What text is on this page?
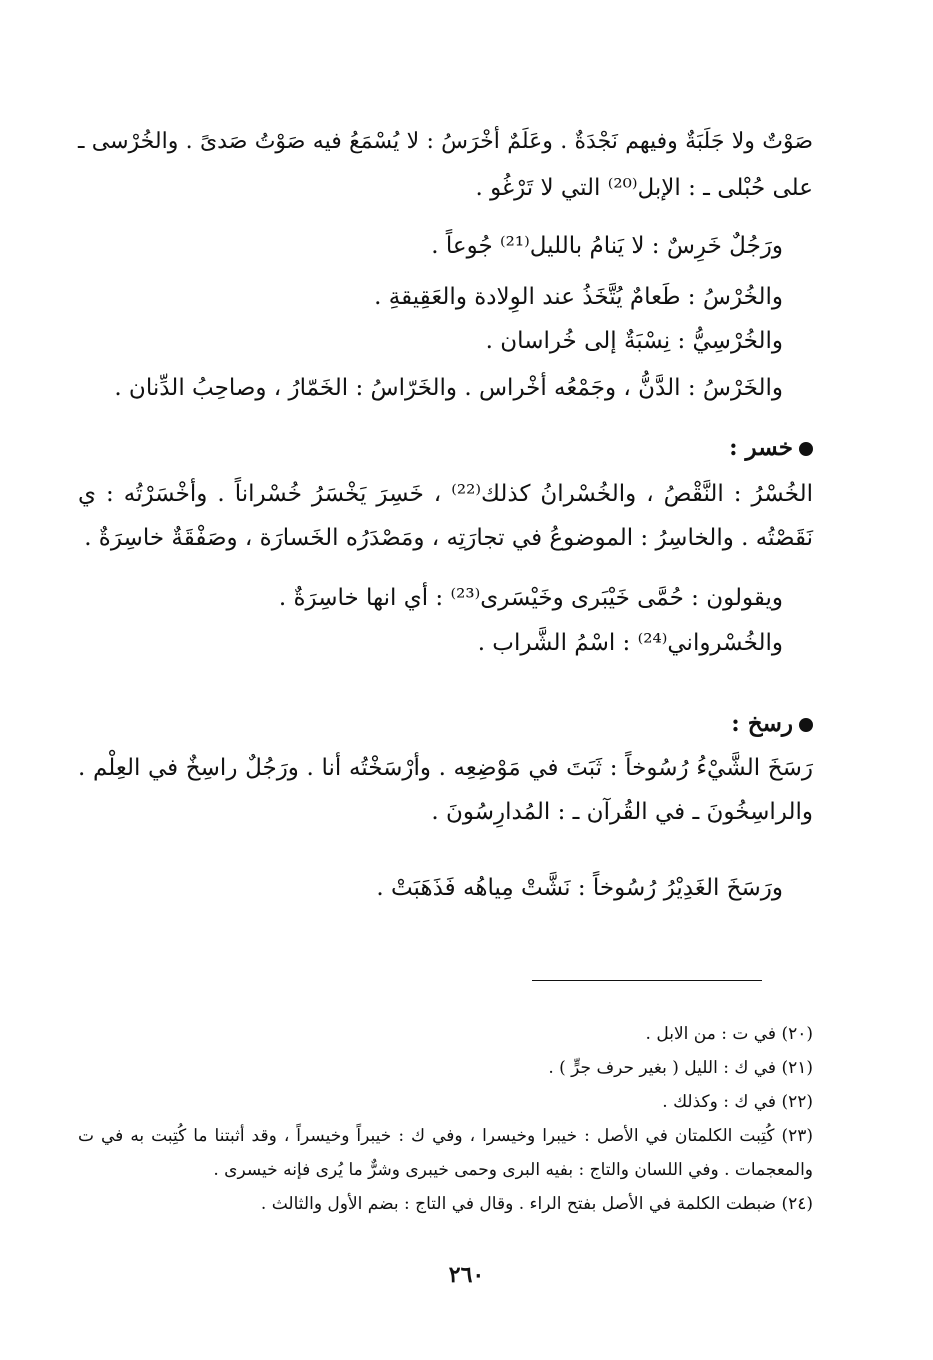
صَوْتٌ ولا جَلَبَةٌ وفيهم نَجْدَةٌ . وعَلَمٌ أخْرَسُ : لا يُسْمَعُ فيه صَوْتُ صَدىً . والخُرْسى ـ
على حُبْلى ـ : الإبل⁽²⁰⁾ التي لا تَرْغُو .
ورَجُلٌ خَرِسٌ : لا يَنامُ بالليل⁽²¹⁾ جُوعاً .
والخُرْسُ : طَعامٌ يُتَّخَذُ عند الوِلادة والعَقِيقةِ .
والخُرْسِيُّ : نِسْبَةٌ إلى خُراسان .
والخَرْسُ : الدَّنُّ ، وجَمْعُه أخْراس . والخَرّاسُ : الخَمّارُ ، وصاحِبُ الدِّنان .
خسر :
الخُسْرُ : النَّقْصُ ، والخُسْرانُ كذلك⁽²²⁾ ، خَسِرَ يَخْسَرُ خُسْراناً . وأخْسَرْتُه : ي
نَقَصْتُه . والخاسِرُ : الموضوعُ في تجارَتِه ، ومَصْدَرُه الخَسارَة ، وصَفْقَةٌ خاسِرَةٌ .
ويقولون : حُمَّى خَيْبَرى وخَيْسَرى⁽²³⁾ : أي انها خاسِرَةٌ .
والخُسْرواني⁽²⁴⁾ : اسْمُ الشَّراب .
رسخ :
رَسَخَ الشَّيْءُ رُسُوخاً : ثَبَتَ في مَوْضِعِه . وأرْسَخْتُه أنا . ورَجُلٌ راسِخٌ في العِلْم .
والراسِخُونَ ـ في القُرآن ـ : المُدارِسُونَ .
ورَسَخَ الغَدِيْرُ رُسُوخاً : نَشَّتْ مِياهُه فَذَهَبَتْ .
(٢٠) في ت : من الابل .
(٢١) في ك : الليل ( بغير حرف جرٍّ ) .
(٢٢) في ك : وكذلك .
(٢٣) كُتِبت الكلمتان في الأصل : خيبرا وخيسرا ، وفي ك : خيبراً وخيسراً ، وقد أثبتنا ما كُتِبت به في ت
والمعجمات . وفي اللسان والتاج : بفيه البرى وحمى خيبرى وشرٌّ ما يُرى فإنه خيسرى .
(٢٤) ضبطت الكلمة في الأصل بفتح الراء . وقال في التاج : بضم الأول والثالث .
٢٦٠
